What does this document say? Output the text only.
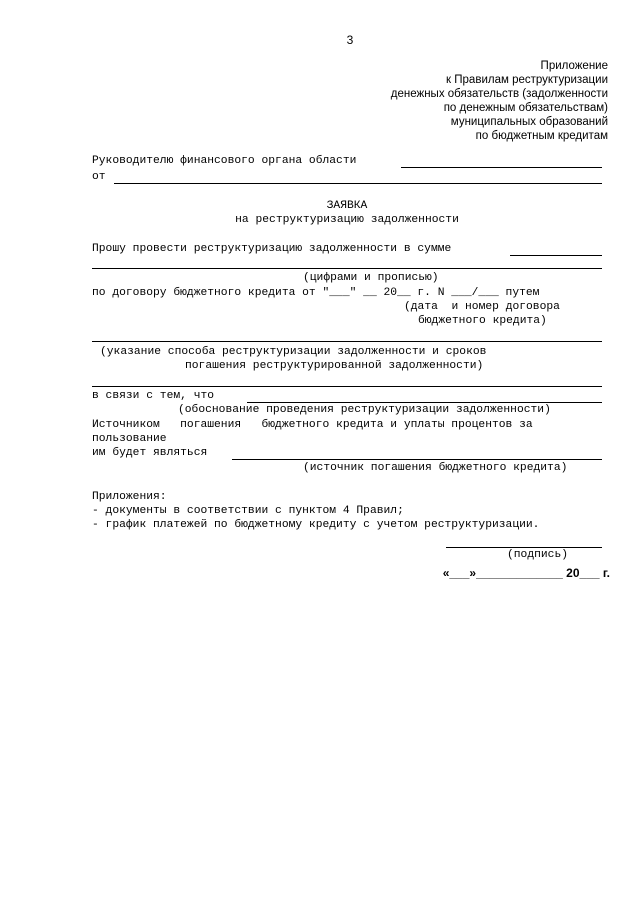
3
Приложение
к Правилам реструктуризации
денежных обязательств (задолженности
по денежным обязательствам)
муниципальных образований
по бюджетным кредитам
Руководителю финансового органа области
от
ЗАЯВКА
на реструктуризацию задолженности
Прошу провести реструктуризацию задолженности в сумме
(цифрами и прописью)
по договору бюджетного кредита от "___" __ 20__ г. N ___/___ путем
(дата  и номер договора
бюджетного кредита)
(указание способа реструктуризации задолженности и сроков
погашения реструктурированной задолженности)
в связи с тем, что
(обоснование проведения реструктуризации задолженности)
Источником   погашения   бюджетного кредита и уплаты процентов за
пользование
им будет являться
(источник погашения бюджетного кредита)
Приложения:
- документы в соответствии с пунктом 4 Правил;
- график платежей по бюджетному кредиту с учетом реструктуризации.
(подпись)
«___»_____________ 20___ г.
